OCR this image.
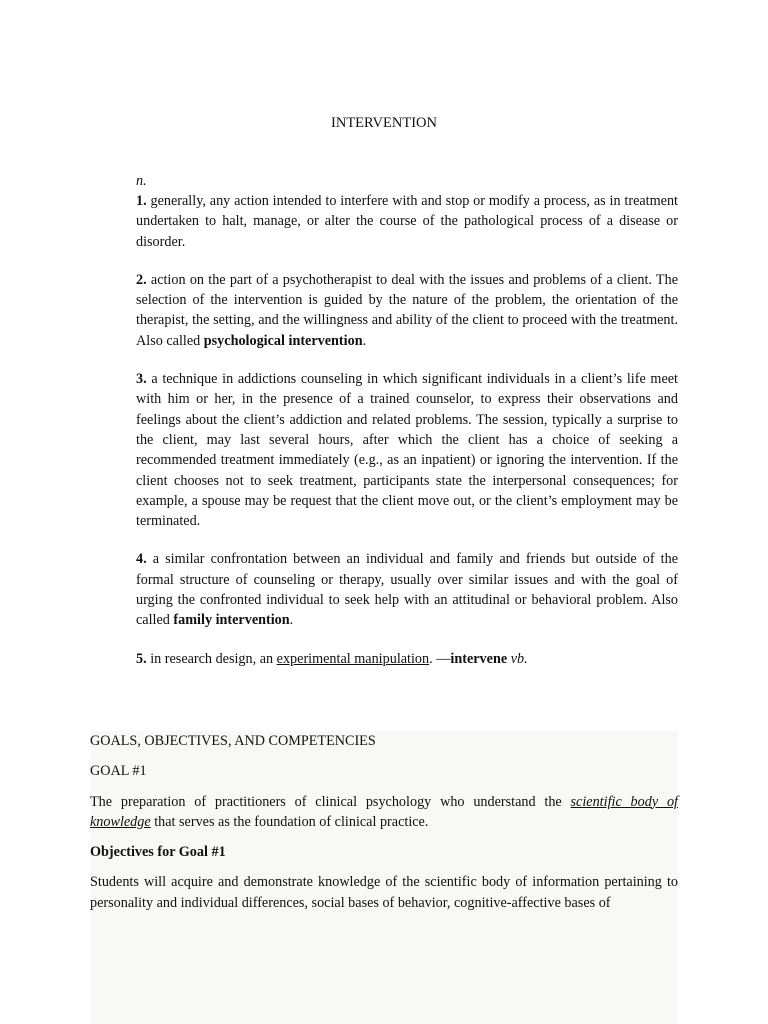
INTERVENTION

n.

1. generally, any action intended to interfere with and stop or modify a process, as in treatment undertaken to halt, manage, or alter the course of the pathological process of a disease or disorder.

2. action on the part of a psychotherapist to deal with the issues and problems of a client. The selection of the intervention is guided by the nature of the problem, the orientation of the therapist, the setting, and the willingness and ability of the client to proceed with the treatment. Also called psychological intervention.

3. a technique in addictions counseling in which significant individuals in a client’s life meet with him or her, in the presence of a trained counselor, to express their observations and feelings about the client’s addiction and related problems. The session, typically a surprise to the client, may last several hours, after which the client has a choice of seeking a recommended treatment immediately (e.g., as an inpatient) or ignoring the intervention. If the client chooses not to seek treatment, participants state the interpersonal consequences; for example, a spouse may be request that the client move out, or the client’s employment may be terminated.

4. a similar confrontation between an individual and family and friends but outside of the formal structure of counseling or therapy, usually over similar issues and with the goal of urging the confronted individual to seek help with an attitudinal or behavioral problem. Also called family intervention.

5. in research design, an experimental manipulation. —intervene vb.

GOALS, OBJECTIVES, AND COMPETENCIES

GOAL #1

The preparation of practitioners of clinical psychology who understand the scientific body of knowledge that serves as the foundation of clinical practice.

Objectives for Goal #1

Students will acquire and demonstrate knowledge of the scientific body of information pertaining to personality and individual differences, social bases of behavior, cognitive-affective bases of
